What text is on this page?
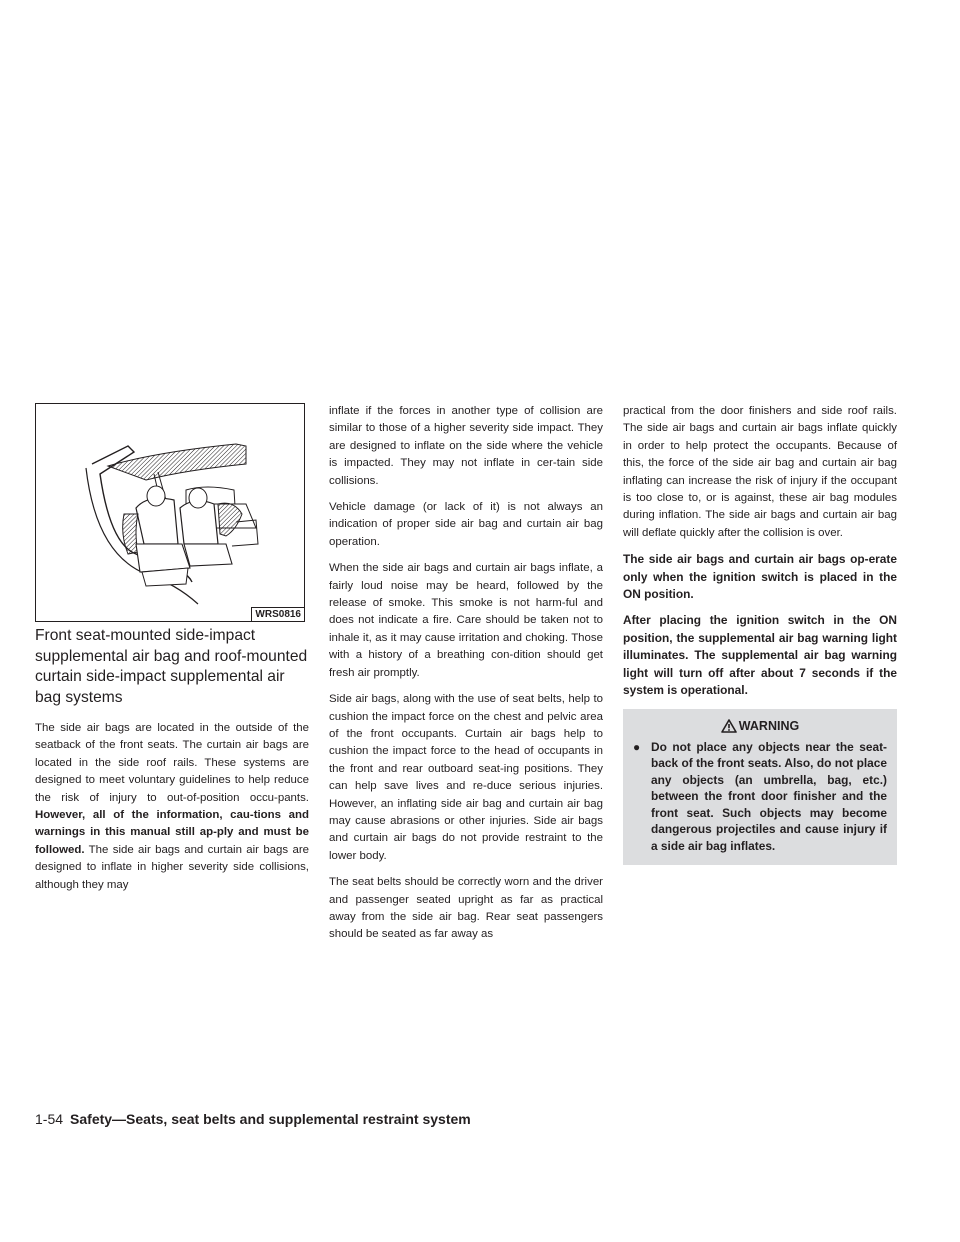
WRS0816
Front seat-mounted side-impact supplemental air bag and roof-mounted curtain side-impact supplemental air bag systems

The side air bags are located in the outside of the seatback of the front seats. The curtain air bags are located in the side roof rails. These systems are designed to meet voluntary guidelines to help reduce the risk of injury to out-of-position occu-pants. However, all of the information, cau-tions and warnings in this manual still ap-ply and must be followed. The side air bags and curtain air bags are designed to inflate in higher severity side collisions, although they may

inflate if the forces in another type of collision are similar to those of a higher severity side impact. They are designed to inflate on the side where the vehicle is impacted. They may not inflate in cer-tain side collisions.

Vehicle damage (or lack of it) is not always an indication of proper side air bag and curtain air bag operation.

When the side air bags and curtain air bags inflate, a fairly loud noise may be heard, followed by the release of smoke. This smoke is not harm-ful and does not indicate a fire. Care should be taken not to inhale it, as it may cause irritation and choking. Those with a history of a breathing con-dition should get fresh air promptly.

Side air bags, along with the use of seat belts, help to cushion the impact force on the chest and pelvic area of the front occupants. Curtain air bags help to cushion the impact force to the head of occupants in the front and rear outboard seat-ing positions. They can help save lives and re-duce serious injuries. However, an inflating side air bag and curtain air bag may cause abrasions or other injuries. Side air bags and curtain air bags do not provide restraint to the lower body.

The seat belts should be correctly worn and the driver and passenger seated upright as far as practical away from the side air bag. Rear seat passengers should be seated as far away as

practical from the door finishers and side roof rails. The side air bags and curtain air bags inflate quickly in order to help protect the occupants. Because of this, the force of the side air bag and curtain air bag inflating can increase the risk of injury if the occupant is too close to, or is against, these air bag modules during inflation. The side air bags and curtain air bag will deflate quickly after the collision is over.

The side air bags and curtain air bags op-erate only when the ignition switch is placed in the ON position.

After placing the ignition switch in the ON position, the supplemental air bag warning light illuminates. The supplemental air bag warning light will turn off after about 7 seconds if the system is operational.

WARNING
● Do not place any objects near the seat-back of the front seats. Also, do not place any objects (an umbrella, bag, etc.) between the front door finisher and the front seat. Such objects may become dangerous projectiles and cause injury if a side air bag inflates.
1-54 Safety—Seats, seat belts and supplemental restraint system
